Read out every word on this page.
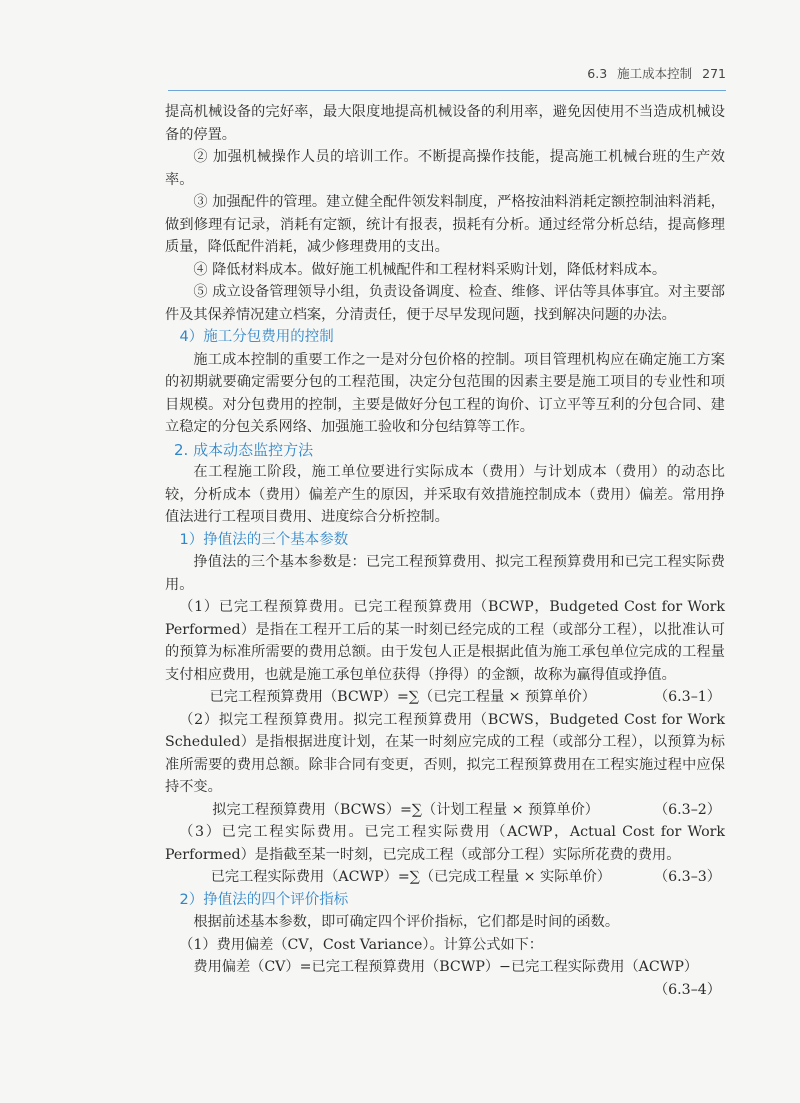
6.3 施工成本控制 271

提高机械设备的完好率，最大限度地提高机械设备的利用率，避免因使用不当造成机械设备的停置。

② 加强机械操作人员的培训工作。不断提高操作技能，提高施工机械台班的生产效率。

③ 加强配件的管理。建立健全配件领发料制度，严格按油料消耗定额控制油料消耗，做到修理有记录，消耗有定额，统计有报表，损耗有分析。通过经常分析总结，提高修理质量，降低配件消耗，减少修理费用的支出。

④ 降低材料成本。做好施工机械配件和工程材料采购计划，降低材料成本。

⑤ 成立设备管理领导小组，负责设备调度、检查、维修、评估等具体事宜。对主要部件及其保养情况建立档案，分清责任，便于尽早发现问题，找到解决问题的办法。

4）施工分包费用的控制

施工成本控制的重要工作之一是对分包价格的控制。项目管理机构应在确定施工方案的初期就要确定需要分包的工程范围，决定分包范围的因素主要是施工项目的专业性和项目规模。对分包费用的控制，主要是做好分包工程的询价、订立平等互利的分包合同、建立稳定的分包关系网络、加强施工验收和分包结算等工作。

2. 成本动态监控方法

在工程施工阶段，施工单位要进行实际成本（费用）与计划成本（费用）的动态比较，分析成本（费用）偏差产生的原因，并采取有效措施控制成本（费用）偏差。常用挣值法进行工程项目费用、进度综合分析控制。

1）挣值法的三个基本参数

挣值法的三个基本参数是：已完工程预算费用、拟完工程预算费用和已完工程实际费用。

（1）已完工程预算费用。已完工程预算费用（BCWP，Budgeted Cost for Work Performed）是指在工程开工后的某一时刻已经完成的工程（或部分工程），以批准认可的预算为标准所需要的费用总额。由于发包人正是根据此值为施工承包单位完成的工程量支付相应费用，也就是施工承包单位获得（挣得）的金额，故称为赢得值或挣值。

已完工程预算费用（BCWP）=∑（已完工程量 × 预算单价）	（6.3–1）

（2）拟完工程预算费用。拟完工程预算费用（BCWS，Budgeted Cost for Work Scheduled）是指根据进度计划，在某一时刻应完成的工程（或部分工程），以预算为标准所需要的费用总额。除非合同有变更，否则，拟完工程预算费用在工程实施过程中应保持不变。

拟完工程预算费用（BCWS）=∑（计划工程量 × 预算单价）	（6.3–2）

（3）已完工程实际费用。已完工程实际费用（ACWP，Actual Cost for Work Performed）是指截至某一时刻，已完成工程（或部分工程）实际所花费的费用。

已完工程实际费用（ACWP）=∑（已完成工程量 × 实际单价）	（6.3–3）

2）挣值法的四个评价指标

根据前述基本参数，即可确定四个评价指标，它们都是时间的函数。

（1）费用偏差（CV，Cost Variance）。计算公式如下：

费用偏差（CV）=已完工程预算费用（BCWP）−已完工程实际费用（ACWP）

（6.3–4）
